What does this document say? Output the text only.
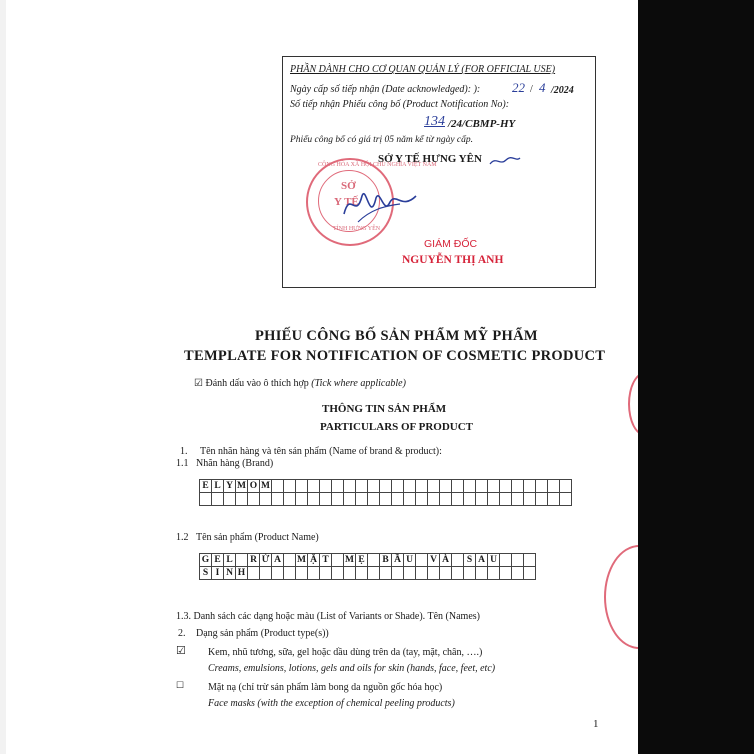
PHẦN DÀNH CHO CƠ QUAN QUẢN LÝ (FOR OFFICIAL USE)
Ngày cấp số tiếp nhận (Date acknowledged): ): 22 / 4 /2024
Số tiếp nhận Phiếu công bố (Product Notification No):
134 /24/CBMP-HY
Phiếu công bố có giá trị 05 năm kể từ ngày cấp.
SỞ Y TẾ HƯNG YÊN
CỘNG HÒA XÃ HỘI CHỦ NGHĨA VIỆT NAM
SỞ
Y TẾ
TỈNH HƯNG YÊN
GIÁM ĐỐC
NGUYỄN THỊ ANH
PHIẾU CÔNG BỐ SẢN PHẨM MỸ PHẨM
TEMPLATE FOR NOTIFICATION OF COSMETIC PRODUCT
☑ Đánh dấu vào ô thích hợp (Tick where applicable)
THÔNG TIN SẢN PHẨM
PARTICULARS OF PRODUCT
1. Tên nhãn hàng và tên sản phẩm (Name of brand & product):
1.1 Nhãn hàng (Brand)
E	L	Y	M	O	M																									

1.2 Tên sản phẩm (Product Name)
G	E	L		R	Ử	A		M	Ặ	T		M	Ẹ		B	Ầ	U		V	À		S	A	U			
S	I	N	H																								
1.3. Danh sách các dạng hoặc màu (List of Variants or Shade). Tên (Names)
2. Dạng sản phẩm (Product type(s))
☑ Kem, nhũ tương, sữa, gel hoặc dầu dùng trên da (tay, mặt, chân, ….)
Creams, emulsions, lotions, gels and oils for skin (hands, face, feet, etc)
☐ Mặt nạ (chỉ trừ sản phẩm làm bong da nguồn gốc hóa học)
Face masks (with the exception of chemical peeling products)
1
